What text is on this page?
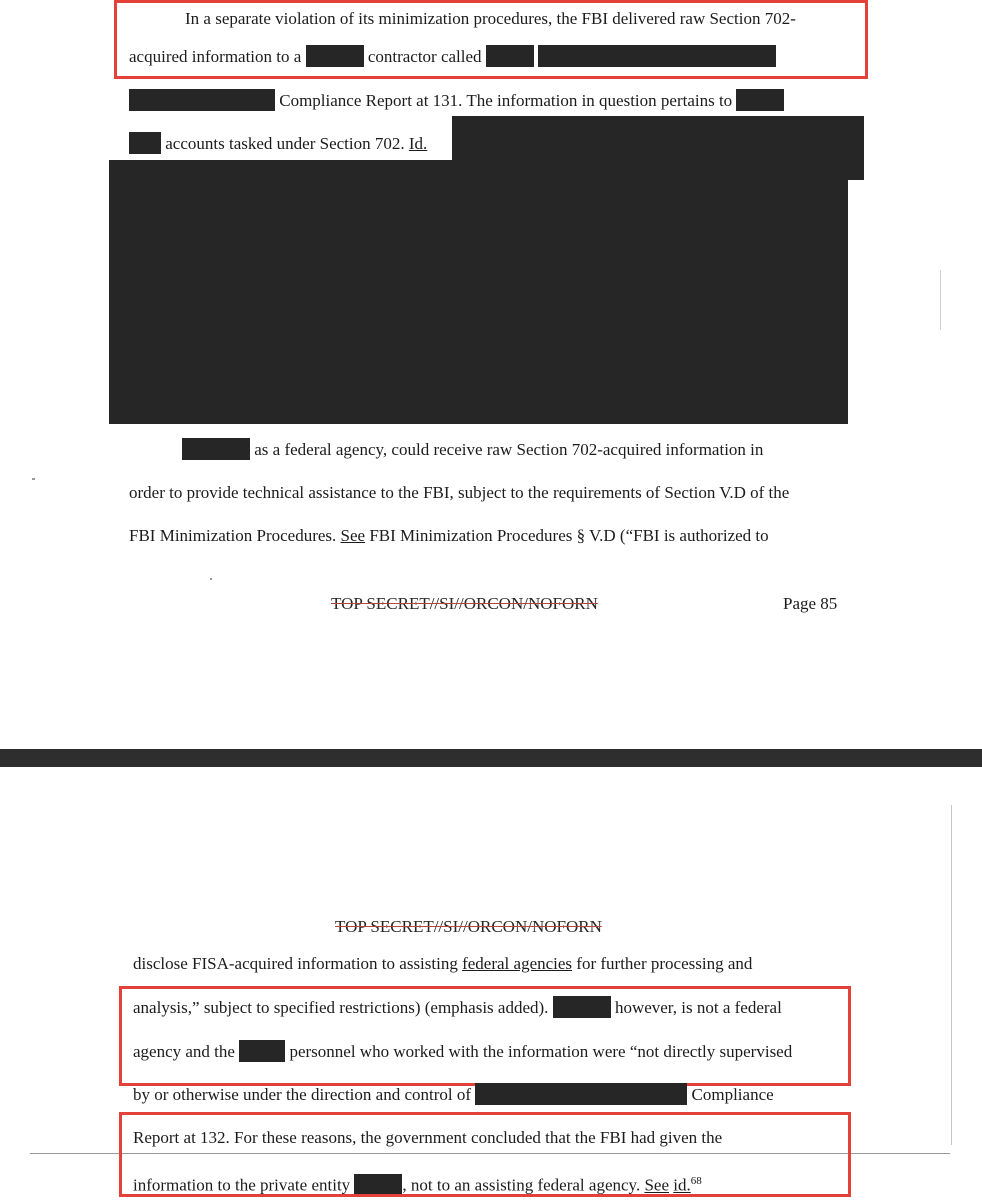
In a separate violation of its minimization procedures, the FBI delivered raw Section 702-
acquired information to a	contractor called
Compliance Report at 131. The information in question pertains to
accounts tasked under Section 702. Id.
as a federal agency, could receive raw Section 702-acquired information in
order to provide technical assistance to the FBI, subject to the requirements of Section V.D of the
FBI Minimization Procedures. See FBI Minimization Procedures § V.D (“FBI is authorized to
TOP SECRET//SI//ORCON/NOFORN	Page 85
TOP SECRET//SI//ORCON/NOFORN
disclose FISA-acquired information to assisting federal agencies for further processing and
analysis,” subject to specified restrictions) (emphasis added).	however, is not a federal
agency and the	personnel who worked with the information were “not directly supervised
by or otherwise under the direction and control of	Compliance
Report at 132. For these reasons, the government concluded that the FBI had given the
information to the private entity	, not to an assisting federal agency. See id.$^{68}$
